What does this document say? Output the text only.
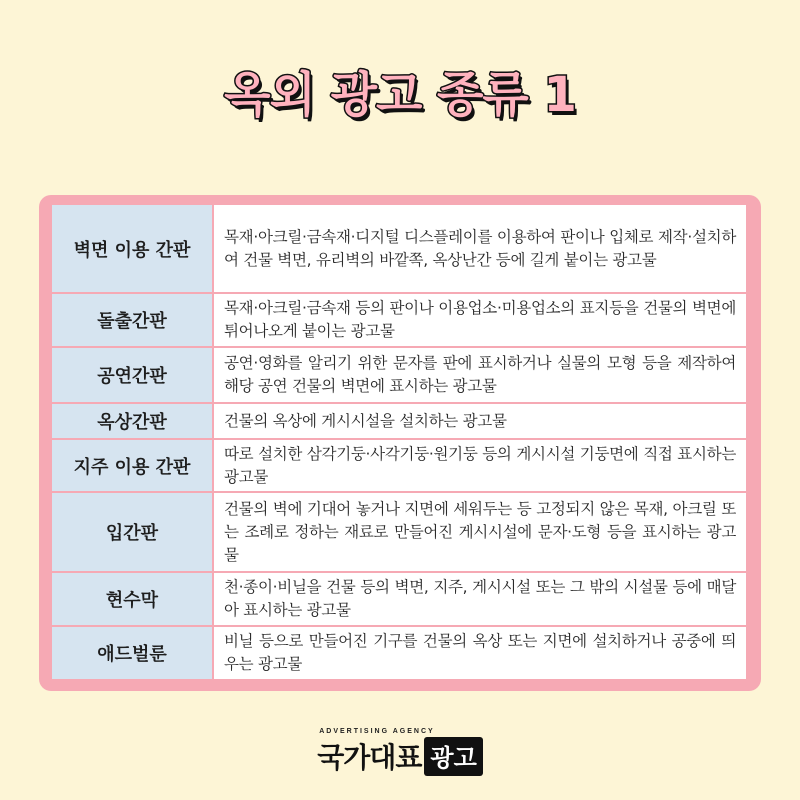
옥외 광고 종류 1
벽면 이용 간판	목재·아크릴·금속재·디지털 디스플레이를 이용하여 판이나 입체로 제작·설치하여 건물 벽면, 유리벽의 바깥쪽, 옥상난간 등에 길게 붙이는 광고물
돌출간판	목재·아크릴·금속재 등의 판이나 이용업소·미용업소의 표지등을 건물의 벽면에 튀어나오게 붙이는 광고물
공연간판	공연·영화를 알리기 위한 문자를 판에 표시하거나 실물의 모형 등을 제작하여 해당 공연 건물의 벽면에 표시하는 광고물
옥상간판	건물의 옥상에 게시시설을 설치하는 광고물
지주 이용 간판	따로 설치한 삼각기둥·사각기둥·원기둥 등의 게시시설 기둥면에 직접 표시하는 광고물
입간판	건물의 벽에 기대어 놓거나 지면에 세워두는 등 고정되지 않은 목재, 아크릴 또는 조례로 정하는 재료로 만들어진 게시시설에 문자·도형 등을 표시하는 광고물
현수막	천·종이·비닐을 건물 등의 벽면, 지주, 게시시설 또는 그 밖의 시설물 등에 매달아 표시하는 광고물
애드벌룬	비닐 등으로 만들어진 기구를 건물의 옥상 또는 지면에 설치하거나 공중에 띄우는 광고물
ADVERTISING AGENCY
국가대표 광고
